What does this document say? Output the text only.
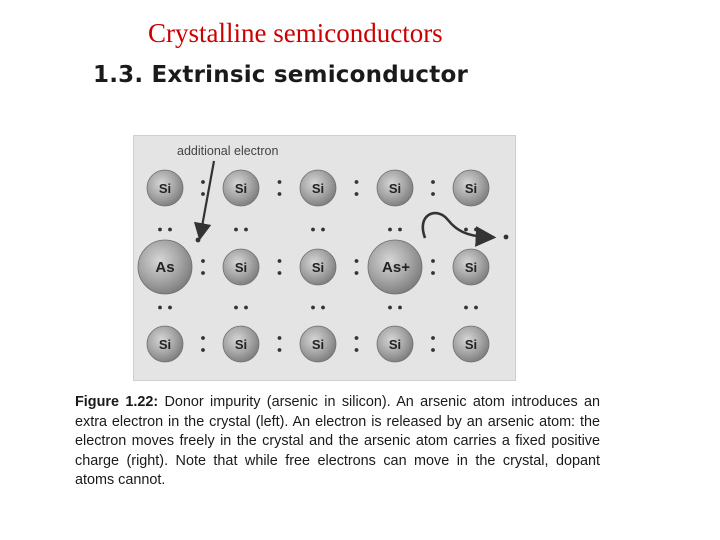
Crystalline semiconductors
1.3. Extrinsic semiconductor
Si	Si	Si	Si	Si
As	Si	Si	As+	Si
Si	Si	Si	Si	Si
additional electron
Figure 1.22: Donor impurity (arsenic in silicon). An arsenic atom introduces an extra electron in the crystal (left). An electron is released by an arsenic atom: the electron moves freely in the crystal and the arsenic atom carries a fixed positive charge (right). Note that while free electrons can move in the crystal, dopant atoms cannot.
